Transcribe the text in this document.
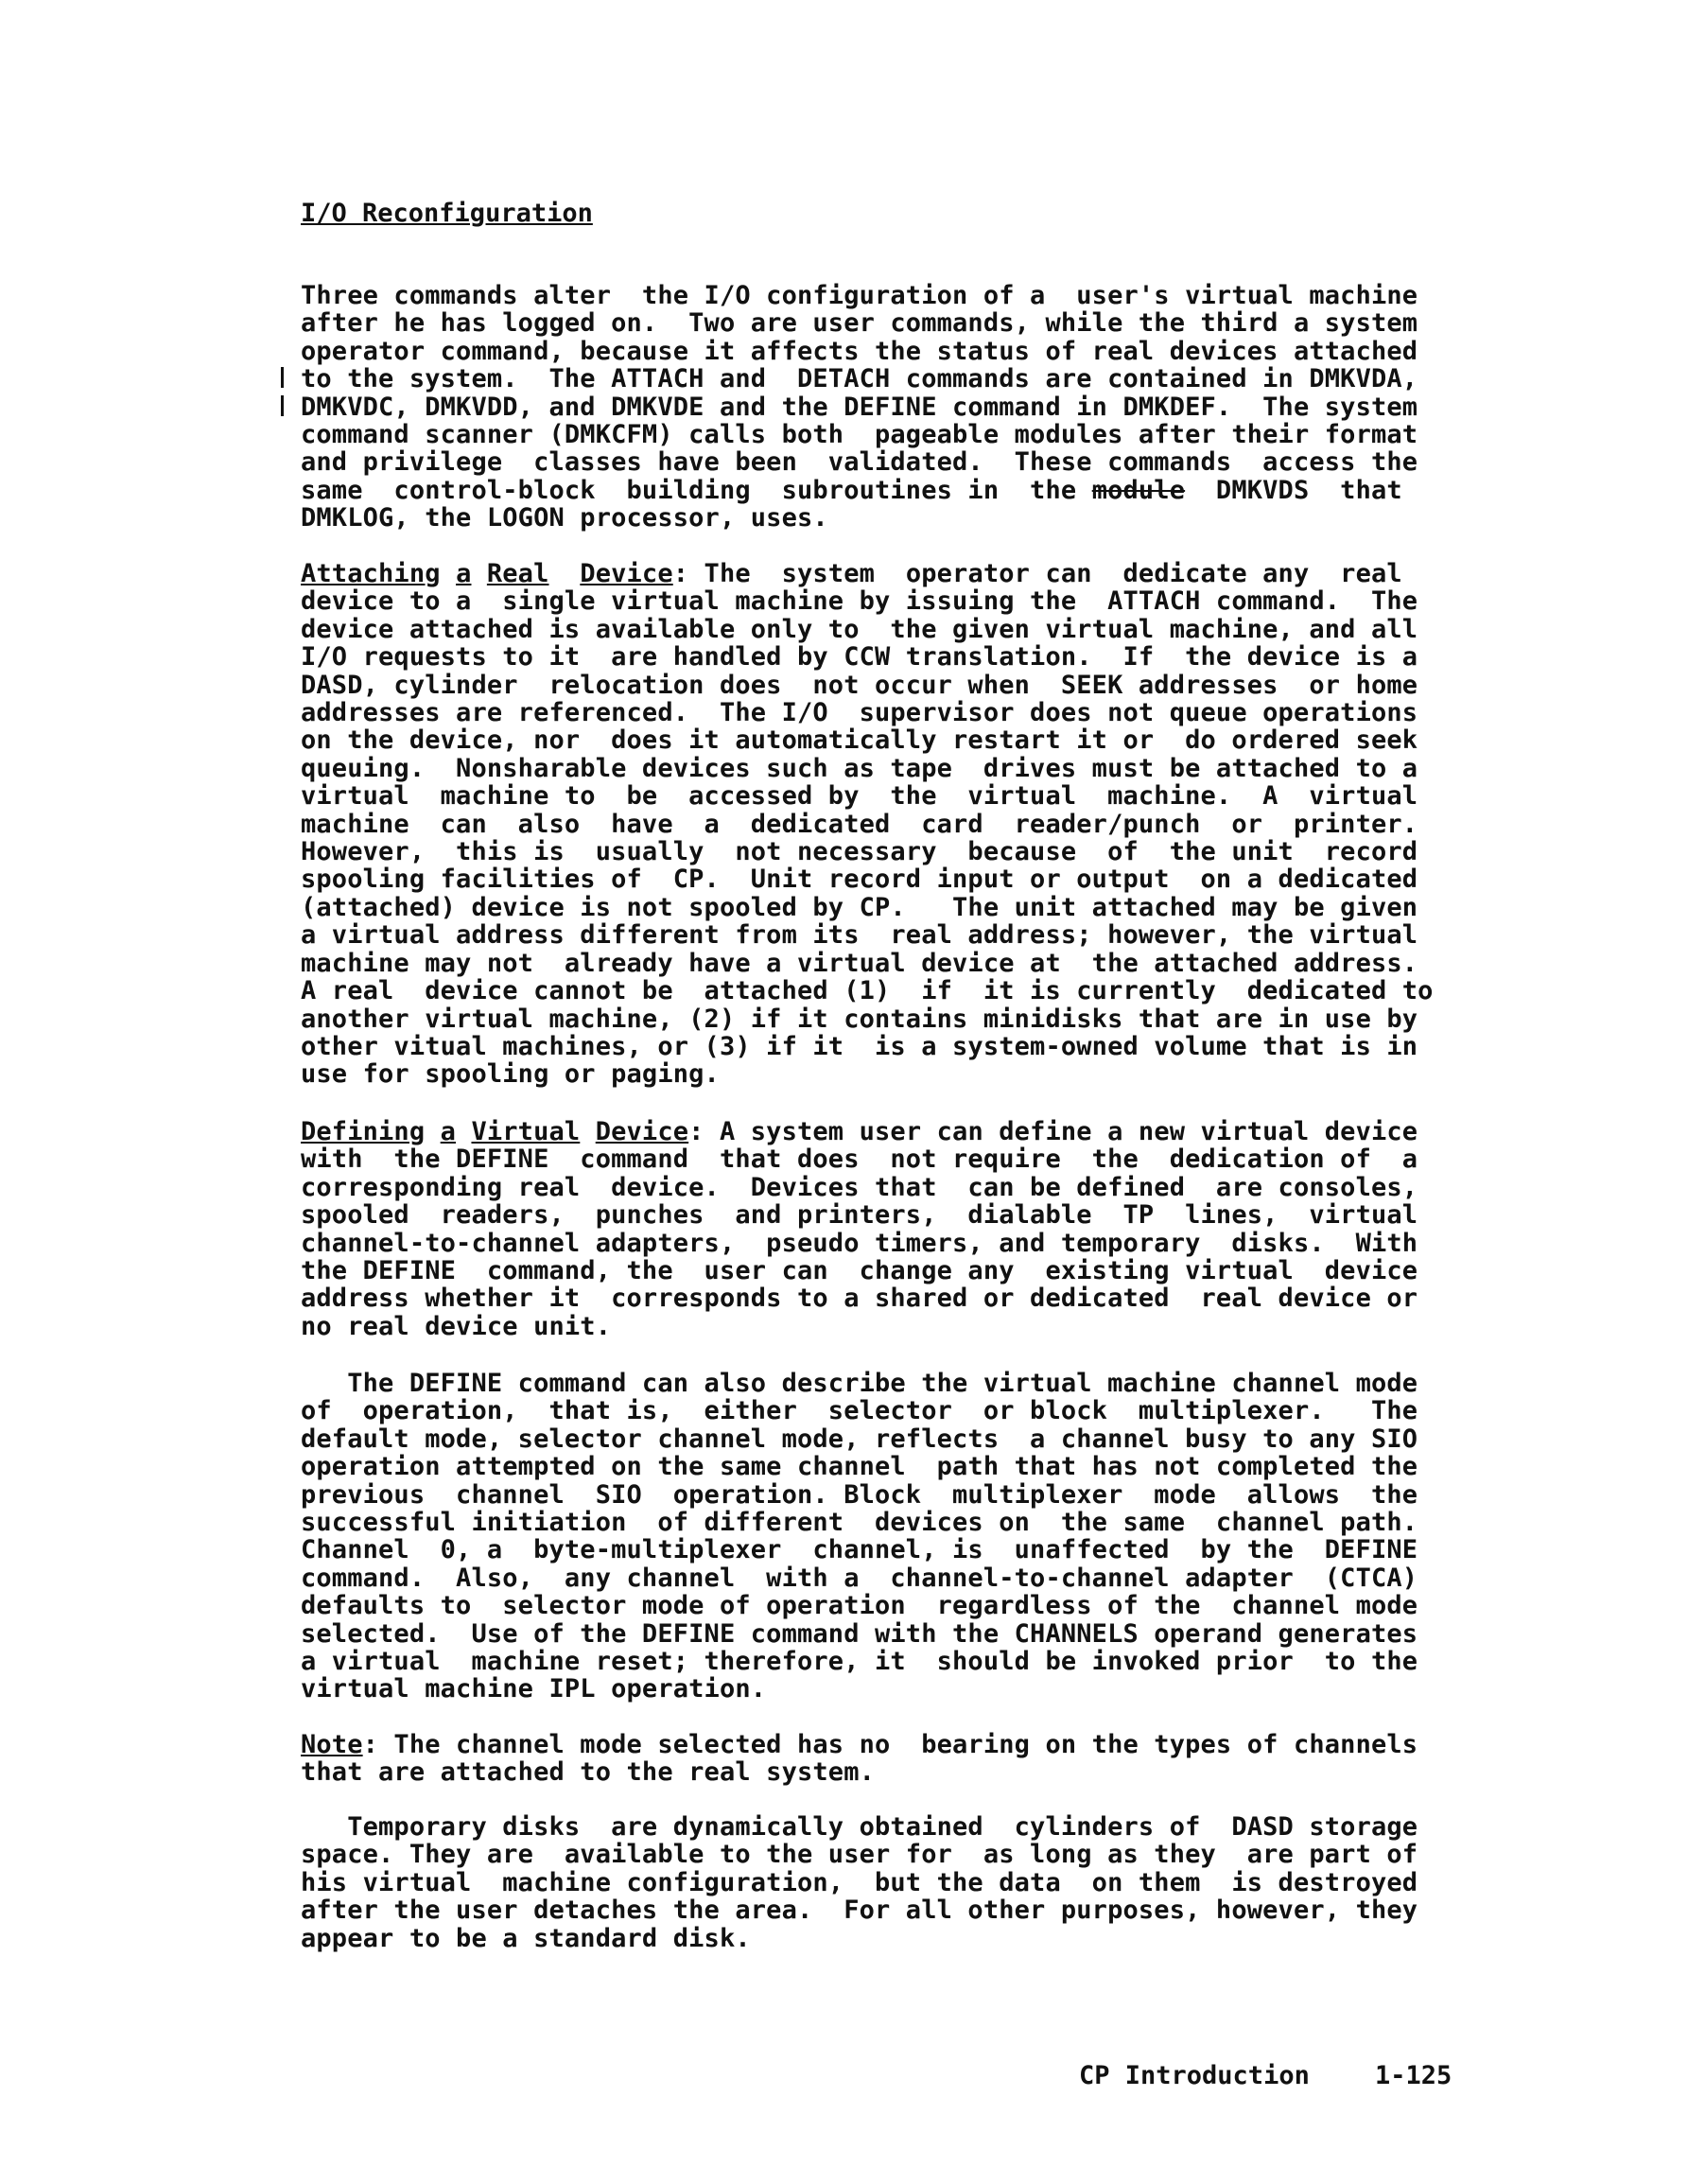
I/O Reconfiguration
Three commands alter  the I/O configuration of a  user's virtual machine
after he has logged on.  Two are user commands, while the third a system
operator command, because it affects the status of real devices attached
to the system.  The ATTACH and  DETACH commands are contained in DMKVDA,
DMKVDC, DMKVDD, and DMKVDE and the DEFINE command in DMKDEF.  The system
command scanner (DMKCFM) calls both  pageable modules after their format
and privilege  classes have been  validated.  These commands  access the
same  control-block  building  subroutines in  the module  DMKVDS  that
DMKLOG, the LOGON processor, uses.
Attaching a Real Device: The  system  operator can  dedicate any  real
device to a  single virtual machine by issuing the  ATTACH command.  The
device attached is available only to  the given virtual machine, and all
I/O requests to it  are handled by CCW translation.  If  the device is a
DASD, cylinder  relocation does  not occur when  SEEK addresses  or home
addresses are referenced.  The I/O  supervisor does not queue operations
on the device, nor  does it automatically restart it or  do ordered seek
queuing.  Nonsharable devices such as tape  drives must be attached to a
virtual  machine to  be  accessed by  the  virtual  machine.  A  virtual
machine  can  also  have  a  dedicated  card  reader/punch  or  printer.
However,  this is  usually  not necessary  because  of  the unit  record
spooling facilities of  CP.  Unit record input or output  on a dedicated
(attached) device is not spooled by CP.   The unit attached may be given
a virtual address different from its  real address; however, the virtual
machine may not  already have a virtual device at  the attached address.
A real  device cannot be  attached (1)  if  it is currently  dedicated to
another virtual machine, (2) if it contains minidisks that are in use by
other vitual machines, or (3) if it  is a system-owned volume that is in
use for spooling or paging.
Defining a Virtual Device: A system user can define a new virtual device
with  the DEFINE  command  that does  not require  the  dedication of  a
corresponding real  device.  Devices that  can be defined  are consoles,
spooled  readers,  punches  and printers,  dialable  TP  lines,  virtual
channel-to-channel adapters,  pseudo timers, and temporary  disks.  With
the DEFINE  command, the  user can  change any  existing virtual  device
address whether it  corresponds to a shared or dedicated  real device or
no real device unit.
The DEFINE command can also describe the virtual machine channel mode
of  operation,  that is,  either  selector  or block  multiplexer.   The
default mode, selector channel mode, reflects  a channel busy to any SIO
operation attempted on the same channel  path that has not completed the
previous  channel  SIO  operation. Block  multiplexer  mode  allows  the
successful initiation  of different  devices on  the same  channel path.
Channel  0, a  byte-multiplexer  channel, is  unaffected  by the  DEFINE
command.  Also,  any channel  with a  channel-to-channel adapter  (CTCA)
defaults to  selector mode of operation  regardless of the  channel mode
selected.  Use of the DEFINE command with the CHANNELS operand generates
a virtual  machine reset; therefore, it  should be invoked prior  to the
virtual machine IPL operation.
Note: The channel mode selected has no  bearing on the types of channels
that are attached to the real system.
Temporary disks  are dynamically obtained  cylinders of  DASD storage
space. They are  available to the user for  as long as they  are part of
his virtual  machine configuration,  but the data  on them  is destroyed
after the user detaches the area.  For all other purposes, however, they
appear to be a standard disk.
CP Introduction	1-125
